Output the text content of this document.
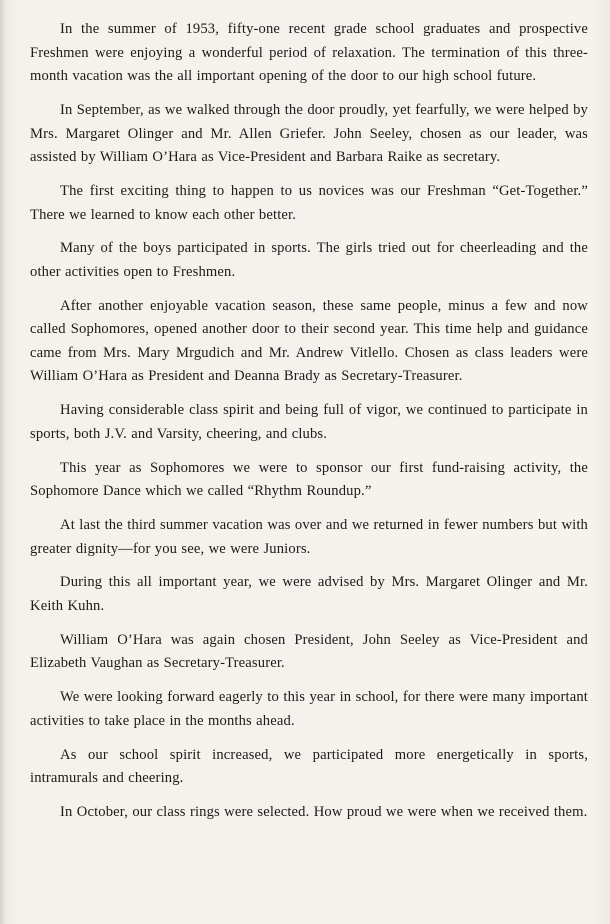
In the summer of 1953, fifty-one recent grade school graduates and prospective Freshmen were enjoying a wonderful period of relaxation. The termination of this three-month vacation was the all important opening of the door to our high school future.

In September, as we walked through the door proudly, yet fearfully, we were helped by Mrs. Margaret Olinger and Mr. Allen Griefer. John Seeley, chosen as our leader, was assisted by William O’Hara as Vice-President and Barbara Raike as secretary.

The first exciting thing to happen to us novices was our Freshman “Get-Together.” There we learned to know each other better.

Many of the boys participated in sports. The girls tried out for cheerleading and the other activities open to Freshmen.

After another enjoyable vacation season, these same people, minus a few and now called Sophomores, opened another door to their second year. This time help and guidance came from Mrs. Mary Mrgudich and Mr. Andrew Vitlello. Chosen as class leaders were William O’Hara as President and Deanna Brady as Secretary-Treasurer.

Having considerable class spirit and being full of vigor, we continued to participate in sports, both J.V. and Varsity, cheering, and clubs.

This year as Sophomores we were to sponsor our first fund-raising activity, the Sophomore Dance which we called “Rhythm Roundup.”

At last the third summer vacation was over and we returned in fewer numbers but with greater dignity—for you see, we were Juniors.

During this all important year, we were advised by Mrs. Margaret Olinger and Mr. Keith Kuhn.

William O’Hara was again chosen President, John Seeley as Vice-President and Elizabeth Vaughan as Secretary-Treasurer.

We were looking forward eagerly to this year in school, for there were many important activities to take place in the months ahead.

As our school spirit increased, we participated more energetically in sports, intramurals and cheering.

In October, our class rings were selected. How proud we were when we received them.
